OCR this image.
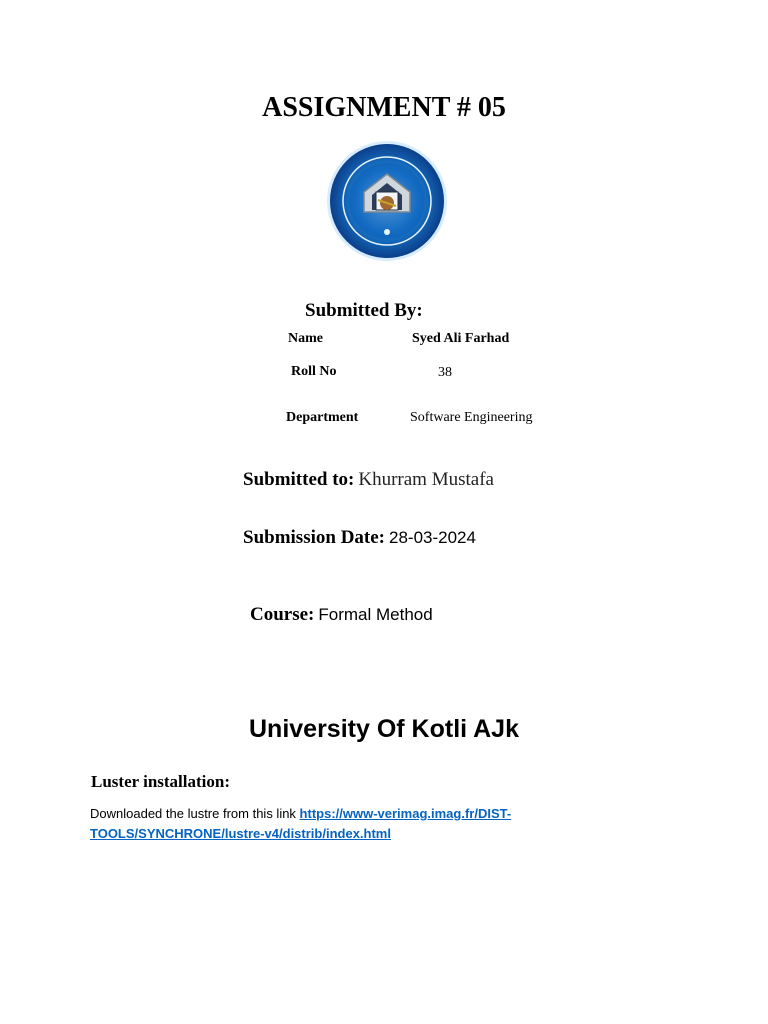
ASSIGNMENT # 05
Submitted By:
Name	Syed Ali Farhad
Roll No	38
Department	Software Engineering
Submitted to: Khurram Mustafa
Submission Date: 28-03-2024
Course: Formal Method
University Of Kotli AJk
Luster installation:
Downloaded the lustre from this link https://www-verimag.imag.fr/DIST-TOOLS/SYNCHRONE/lustre-v4/distrib/index.html
